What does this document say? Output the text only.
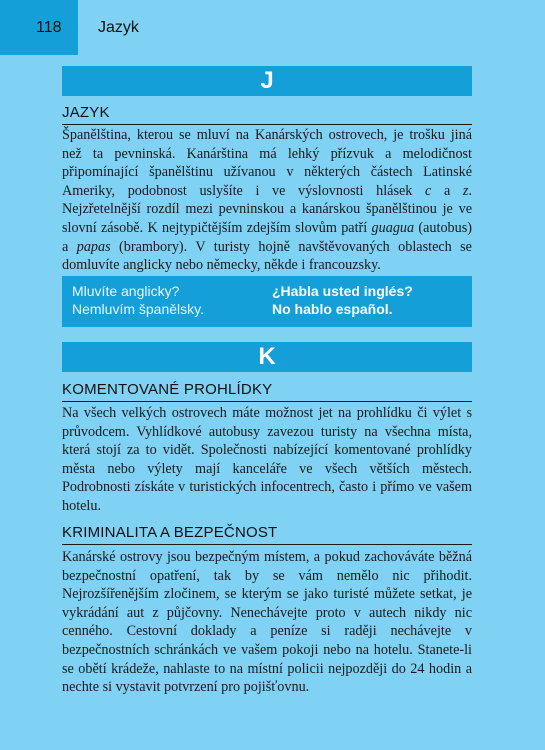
118 Jazyk
J
JAZYK

Španělština, kterou se mluví na Kanárských ostrovech, je trošku jiná než ta pevninská. Kanárština má lehký přízvuk a melodičnost připomínající španělštinu užívanou v některých částech Latinské Ameriky, podobnost uslyšíte i ve výslovnosti hlásek c a z. Nejzřetelnější rozdíl mezi pevninskou a kanárskou španělštinou je ve slovní zásobě. K nejtypičtějším zdejším slovům patří guagua (autobus) a papas (brambory). V turisty hojně navštěvovaných oblastech se domluvíte anglicky nebo německy, někde i francouzsky.

Mluvíte anglicky?	¿Habla usted inglés?
Nemluvím španělsky.	No hablo español.
K
KOMENTOVANÉ PROHLÍDKY

Na všech velkých ostrovech máte možnost jet na prohlídku či výlet s průvodcem. Vyhlídkové autobusy zavezou turisty na všechna místa, která stojí za to vidět. Společnosti nabízející komentované prohlídky města nebo výlety mají kanceláře ve všech větších městech. Podrobnosti získáte v turistických infocentrech, často i přímo ve vašem hotelu.

KRIMINALITA A BEZPEČNOST

Kanárské ostrovy jsou bezpečným místem, a pokud zachováváte běžná bezpečnostní opatření, tak by se vám nemělo nic přihodit. Nejrozšířenějším zločinem, se kterým se jako turisté můžete setkat, je vykrádání aut z půjčovny. Nenechávejte proto v autech nikdy nic cenného. Cestovní doklady a peníze si raději nechávejte v bezpečnostních schránkách ve vašem pokoji nebo na hotelu. Stanete-li se obětí krádeže, nahlaste to na místní policii nejpozději do 24 hodin a nechte si vystavit potvrzení pro pojišťovnu.
